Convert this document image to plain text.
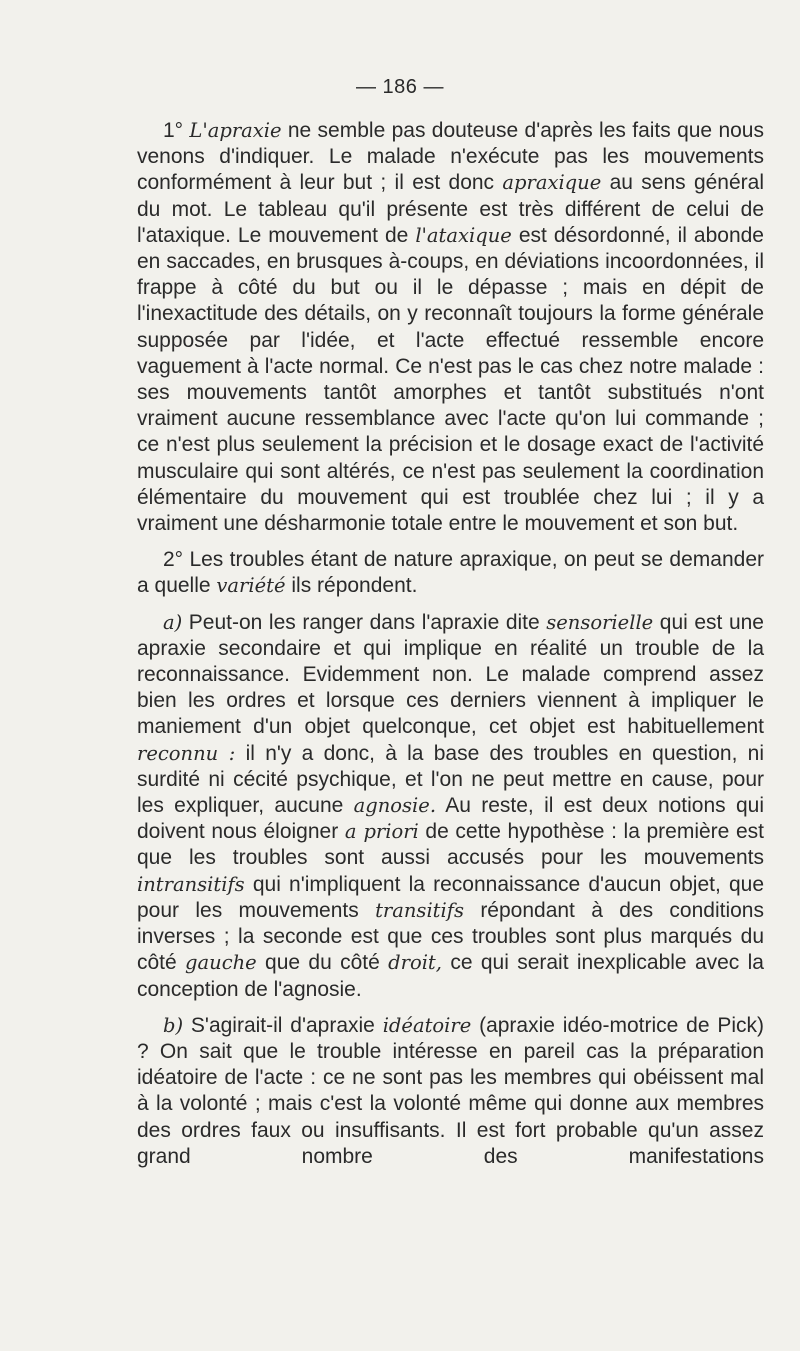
— 186 —

1° L'apraxie ne semble pas douteuse d'après les faits que nous venons d'indiquer. Le malade n'exécute pas les mouvements conformément à leur but ; il est donc apraxique au sens général du mot. Le tableau qu'il présente est très différent de celui de l'ataxique. Le mouvement de l'ataxique est désordonné, il abonde en saccades, en brusques à-coups, en déviations incoordonnées, il frappe à côté du but ou il le dépasse ; mais en dépit de l'inexactitude des détails, on y reconnaît toujours la forme générale supposée par l'idée, et l'acte effectué ressemble encore vaguement à l'acte normal. Ce n'est pas le cas chez notre malade : ses mouvements tantôt amorphes et tantôt substitués n'ont vraiment aucune ressemblance avec l'acte qu'on lui commande ; ce n'est plus seulement la précision et le dosage exact de l'activité musculaire qui sont altérés, ce n'est pas seulement la coordination élémentaire du mouvement qui est troublée chez lui ; il y a vraiment une désharmonie totale entre le mouvement et son but.

2° Les troubles étant de nature apraxique, on peut se demander a quelle variété ils répondent.

a) Peut-on les ranger dans l'apraxie dite sensorielle qui est une apraxie secondaire et qui implique en réalité un trouble de la reconnaissance. Evidemment non. Le malade comprend assez bien les ordres et lorsque ces derniers viennent à impliquer le maniement d'un objet quelconque, cet objet est habituellement reconnu : il n'y a donc, à la base des troubles en question, ni surdité ni cécité psychique, et l'on ne peut mettre en cause, pour les expliquer, aucune agnosie. Au reste, il est deux notions qui doivent nous éloigner a priori de cette hypothèse : la première est que les troubles sont aussi accusés pour les mouvements intransitifs qui n'impliquent la reconnaissance d'aucun objet, que pour les mouvements transitifs répondant à des conditions inverses ; la seconde est que ces troubles sont plus marqués du côté gauche que du côté droit, ce qui serait inexplicable avec la conception de l'agnosie.

b) S'agirait-il d'apraxie idéatoire (apraxie idéo-motrice de Pick) ? On sait que le trouble intéresse en pareil cas la préparation idéatoire de l'acte : ce ne sont pas les membres qui obéissent mal à la volonté ; mais c'est la volonté même qui donne aux membres des ordres faux ou insuffisants. Il est fort probable qu'un assez grand nombre des manifestations
